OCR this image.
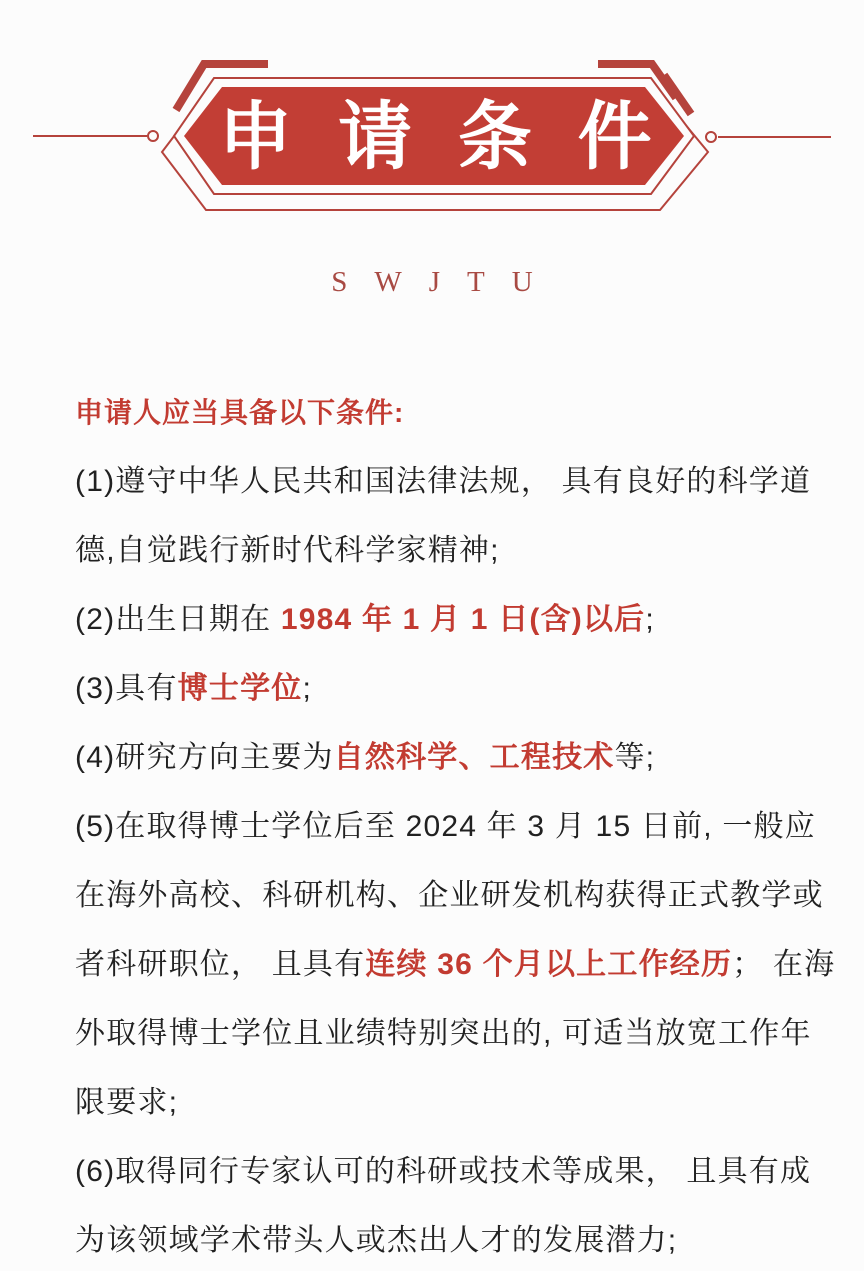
申 请 条 件
SWJTU
申请人应当具备以下条件:
(1)遵守中华人民共和国法律法规， 具有良好的科学道
德,自觉践行新时代科学家精神;
(2)出生日期在 1984 年 1 月 1 日(含)以后;
(3)具有博士学位;
(4)研究方向主要为自然科学、工程技术等;
(5)在取得博士学位后至 2024 年 3 月 15 日前, 一般应
在海外高校、科研机构、企业研发机构获得正式教学或
者科研职位， 且具有连续 36 个月以上工作经历； 在海
外取得博士学位且业绩特别突出的, 可适当放宽工作年
限要求;
(6)取得同行专家认可的科研或技术等成果， 且具有成
为该领域学术带头人或杰出人才的发展潜力;
